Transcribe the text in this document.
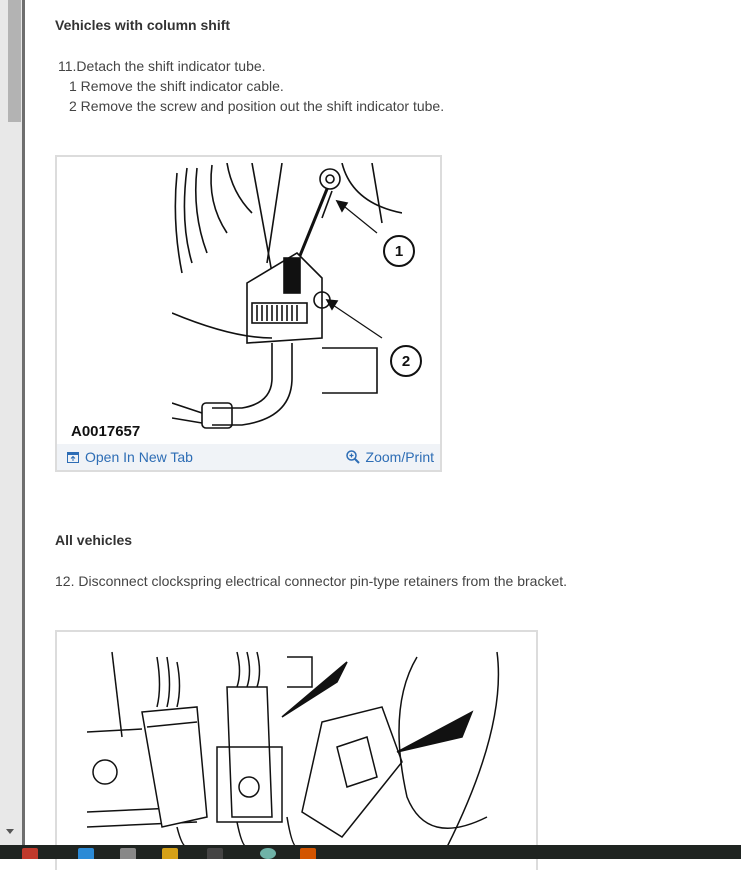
Vehicles with column shift
11.Detach the shift indicator tube.
1 Remove the shift indicator cable.
2 Remove the screw and position out the shift indicator tube.
1
2
A0017657
Open In New Tab	Zoom/Print
All vehicles
12. Disconnect clockspring electrical connector pin-type retainers from the bracket.
